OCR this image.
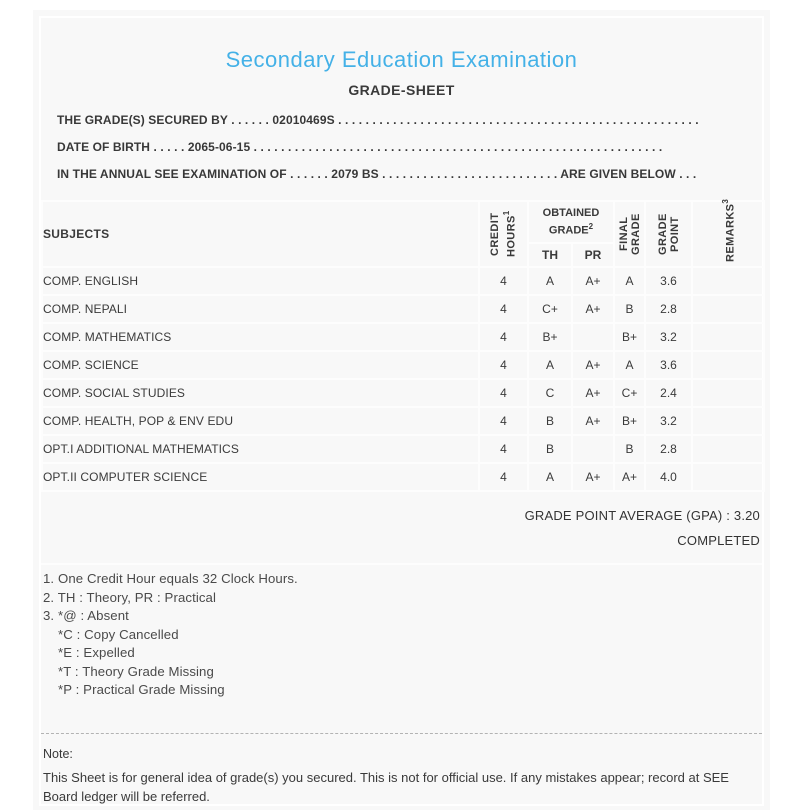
Secondary Education Examination
GRADE-SHEET
THE GRADE(S) SECURED BY . . . . . . 02010469S . . . . . . . . . . . . . . . . . . . . . . . . . . . . . . . . . . . . . . . . . . . . . . . . . . . . .
DATE OF BIRTH . . . . . 2065-06-15 . . . . . . . . . . . . . . . . . . . . . . . . . . . . . . . . . . . . . . . . . . . . . . . . . . . . . . . . . . . .
IN THE ANNUAL SEE EXAMINATION OF . . . . . . 2079 BS . . . . . . . . . . . . . . . . . . . . . . . . . . ARE GIVEN BELOW . . .
SUBJECTS	CREDIT HOURS$^1$	OBTAINED GRADE$^2$		FINAL GRADE	GRADE POINT	REMARKS$^3$

		TH	PR			
COMP. ENGLISH	4	A	A+	A	3.6	
COMP. NEPALI	4	C+	A+	B	2.8	
COMP. MATHEMATICS	4	B+		B+	3.2	
COMP. SCIENCE	4	A	A+	A	3.6	
COMP. SOCIAL STUDIES	4	C	A+	C+	2.4	
COMP. HEALTH, POP & ENV EDU	4	B	A+	B+	3.2	
OPT.I ADDITIONAL MATHEMATICS	4	B		B	2.8	
OPT.II COMPUTER SCIENCE	4	A	A+	A+	4.0	
GRADE POINT AVERAGE (GPA) : 3.20
COMPLETED
1. One Credit Hour equals 32 Clock Hours.
2. TH : Theory, PR : Practical
3. *@ : Absent
*C : Copy Cancelled
*E : Expelled
*T : Theory Grade Missing
*P : Practical Grade Missing
Note:
This Sheet is for general idea of grade(s) you secured. This is not for official use. If any mistakes appear; record at SEE Board ledger will be referred.
